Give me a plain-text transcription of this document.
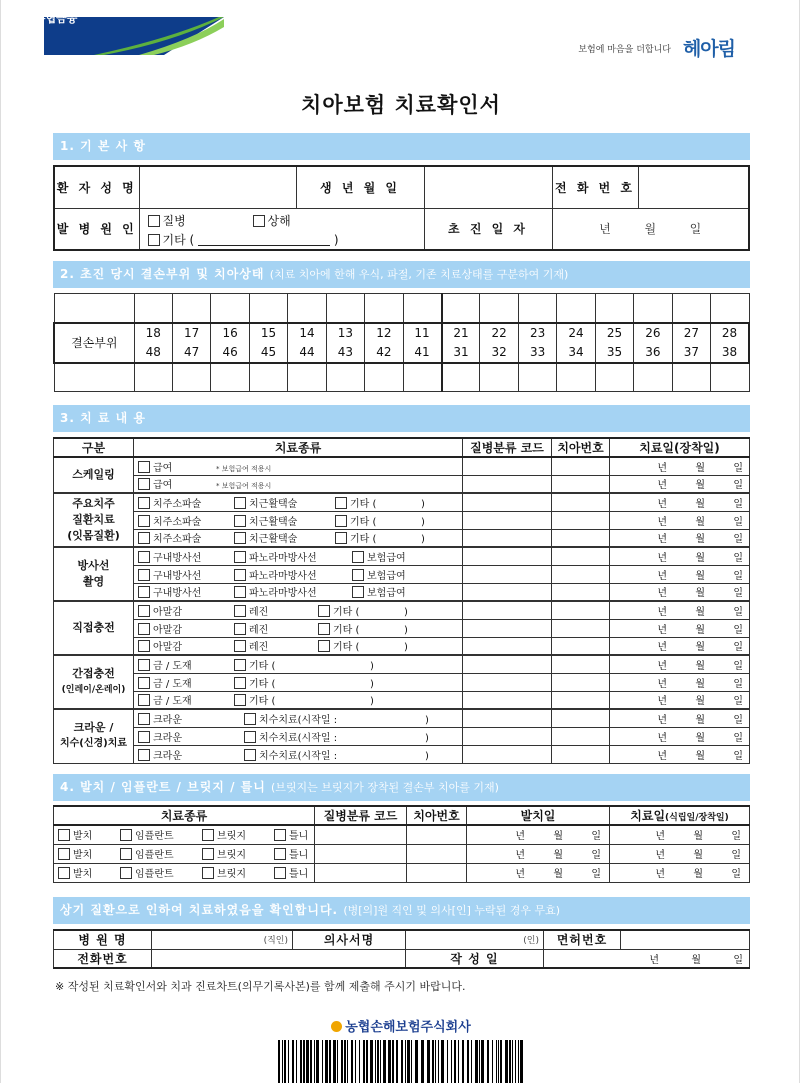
NH농협금융
보험에 마음을 더합니다 헤아림
치아보험 치료확인서
1. 기 본 사 항
환 자 성 명		생 년 월 일		전 화 번 호	
발 병 원 인	질병 상해
기타 ( )		초 진 일 자	년 월 일	
2. 초진 당시 결손부위 및 치아상태 (치료 치아에 한해 우식, 파절, 기존 치료상태를 구분하여 기재)

결손부위	18	17	16	15	14	13	12	11	21	22	23	24	25	26	27	28
	48	47	46	45	44	43	42	41	31	32	33	34	35	36	37	38

3. 치 료 내 용
구분	치료종류	질병분류 코드	치아번호	치료일(장착일)

스케일링	급여 * 보험급여 적용시			년 월 일
	급여 * 보험급여 적용시			년 월 일

주요치주
질환치료
(잇몸질환)	치주소파술 치근활택술 기타 ( )			년 월 일
	치주소파술 치근활택술 기타 ( )			년 월 일
	치주소파술 치근활택술 기타 ( )			년 월 일

방사선
촬영	구내방사선 파노라마방사선 보험급여			년 월 일
	구내방사선 파노라마방사선 보험급여			년 월 일
	구내방사선 파노라마방사선 보험급여			년 월 일

직접충전	아말감 레진 기타 ( )			년 월 일
	아말감 레진 기타 ( )			년 월 일
	아말감 레진 기타 ( )			년 월 일

간접충전
(인레이/온레이)	금 / 도재 기타 ( )			년 월 일
	금 / 도재 기타 ( )			년 월 일
	금 / 도재 기타 ( )			년 월 일

크라운 /
치수(신경)치료	크라운 치수치료(시작일 : )			년 월 일
	크라운 치수치료(시작일 : )			년 월 일
	크라운 치수치료(시작일 : )			년 월 일
4. 발치 / 임플란트 / 브릿지 / 틀니 (브릿지는 브릿지가 장착된 결손부 치아를 기재)
치료종류	질병분류 코드	치아번호	발치일	치료일(식립일/장착일)
발치 임플란트 브릿지 틀니			년 월 일	년 월 일
발치 임플란트 브릿지 틀니			년 월 일	년 월 일
발치 임플란트 브릿지 틀니			년 월 일	년 월 일
상기 질환으로 인하여 치료하였음을 확인합니다. (병[의]원 직인 및 의사[인] 누락된 경우 무효)
병 원 명	(직인)	의사서명	(인)	면허번호	
전화번호			작 성 일	년 월 일	
※ 작성된 치료확인서와 치과 진료차트(의무기록사본)를 함께 제출해 주시기 바랍니다.
농협손해보험주식회사
